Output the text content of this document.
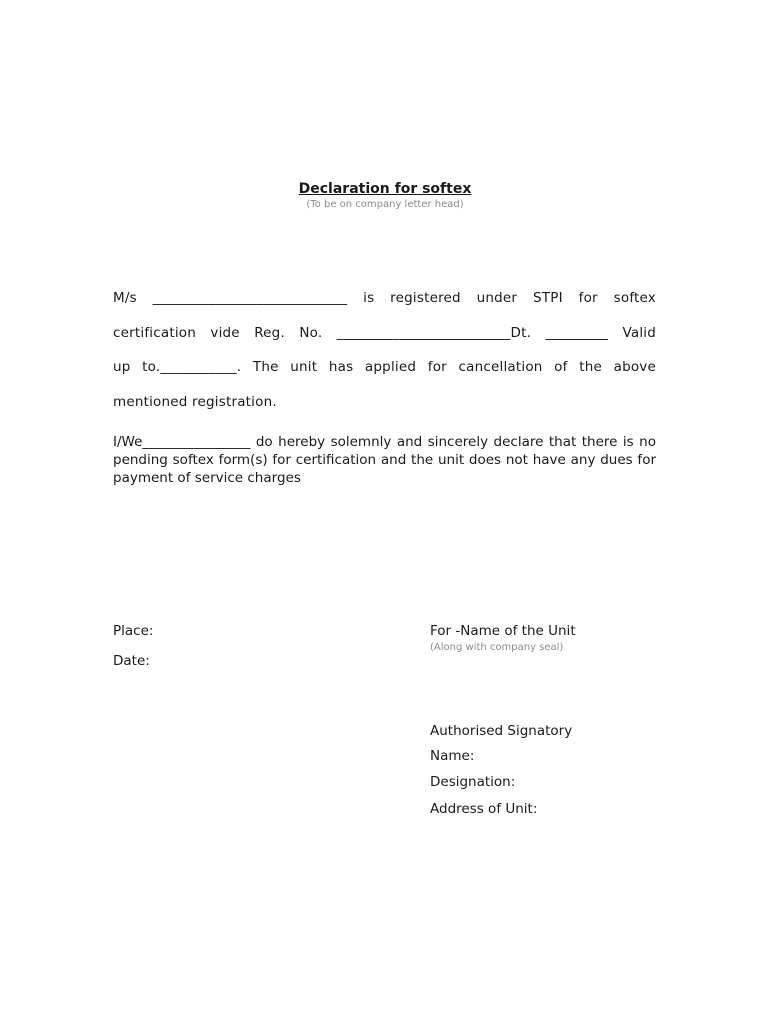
Declaration for softex
(To be on company letter head)
M/s ____________________________ is registered under STPI for softex
certification vide Reg. No. _________________________Dt. _________ Valid
up to.___________. The unit has applied for cancellation of the above
mentioned registration.
I/We________________ do hereby solemnly and sincerely declare that there is no pending softex form(s) for certification and the unit does not have any dues for payment of service charges
Place:
Date:
For -Name of the Unit
(Along with company seal)
Authorised Signatory
Name:
Designation:
Address of Unit:
